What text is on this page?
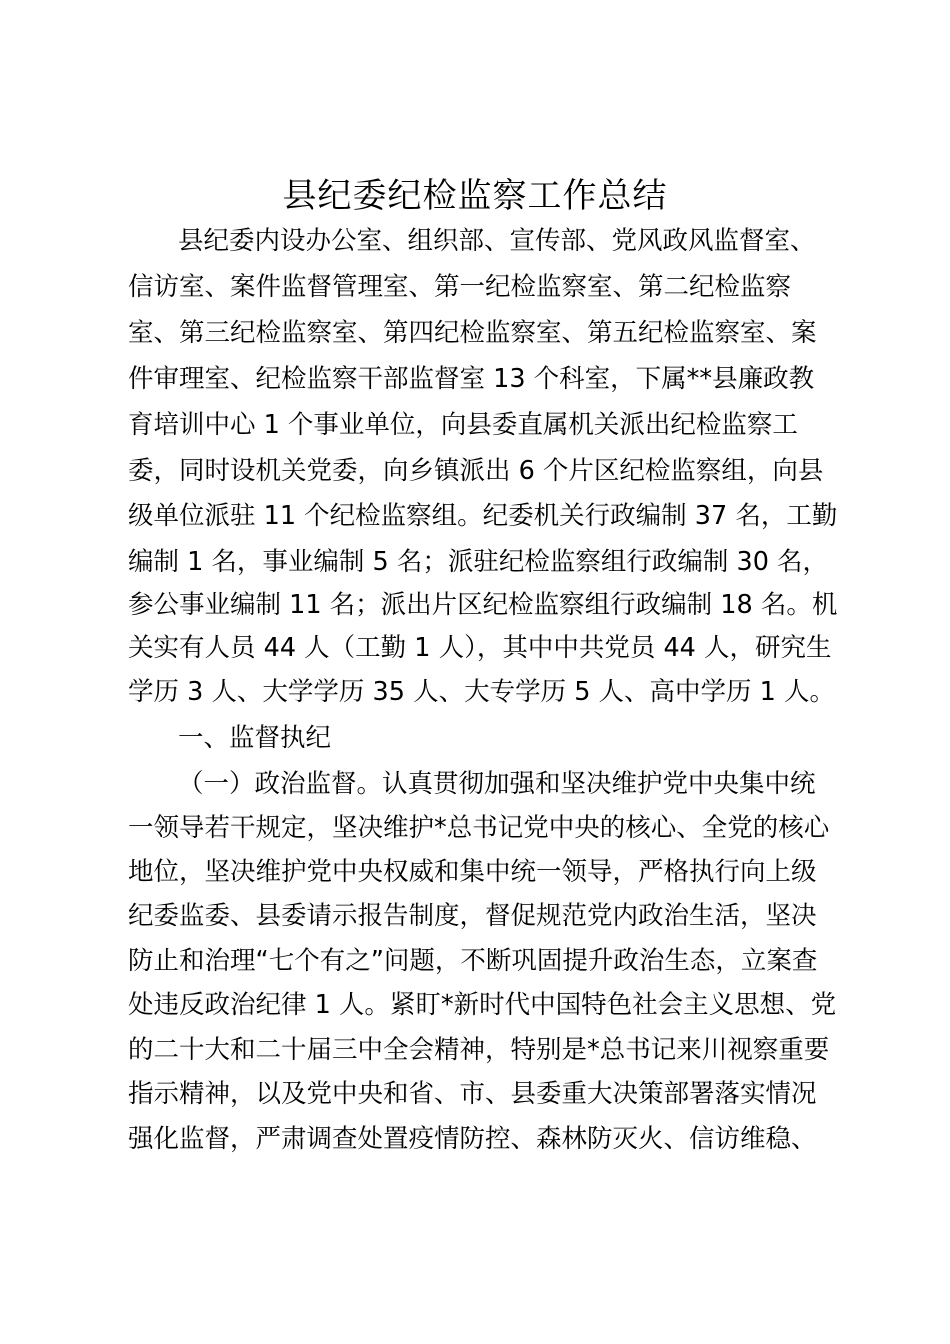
县纪委纪检监察工作总结
县纪委内设办公室、组织部、宣传部、党风政风监督室、
信访室、案件监督管理室、第一纪检监察室、第二纪检监察
室、第三纪检监察室、第四纪检监察室、第五纪检监察室、案
件审理室、纪检监察干部监督室 13 个科室，下属**县廉政教
育培训中心 1 个事业单位，向县委直属机关派出纪检监察工
委，同时设机关党委，向乡镇派出 6 个片区纪检监察组，向县
级单位派驻 11 个纪检监察组。纪委机关行政编制 37 名，工勤
编制 1 名，事业编制 5 名；派驻纪检监察组行政编制 30 名，
参公事业编制 11 名；派出片区纪检监察组行政编制 18 名。机
关实有人员 44 人（工勤 1 人），其中中共党员 44 人，研究生
学历 3 人、大学学历 35 人、大专学历 5 人、高中学历 1 人。
一、监督执纪
（一）政治监督。认真贯彻加强和坚决维护党中央集中统
一领导若干规定，坚决维护*总书记党中央的核心、全党的核心
地位，坚决维护党中央权威和集中统一领导，严格执行向上级
纪委监委、县委请示报告制度，督促规范党内政治生活，坚决
防止和治理“七个有之”问题，不断巩固提升政治生态，立案查
处违反政治纪律 1 人。紧盯*新时代中国特色社会主义思想、党
的二十大和二十届三中全会精神，特别是*总书记来川视察重要
指示精神，以及党中央和省、市、县委重大决策部署落实情况
强化监督，严肃调查处置疫情防控、森林防灭火、信访维稳、
